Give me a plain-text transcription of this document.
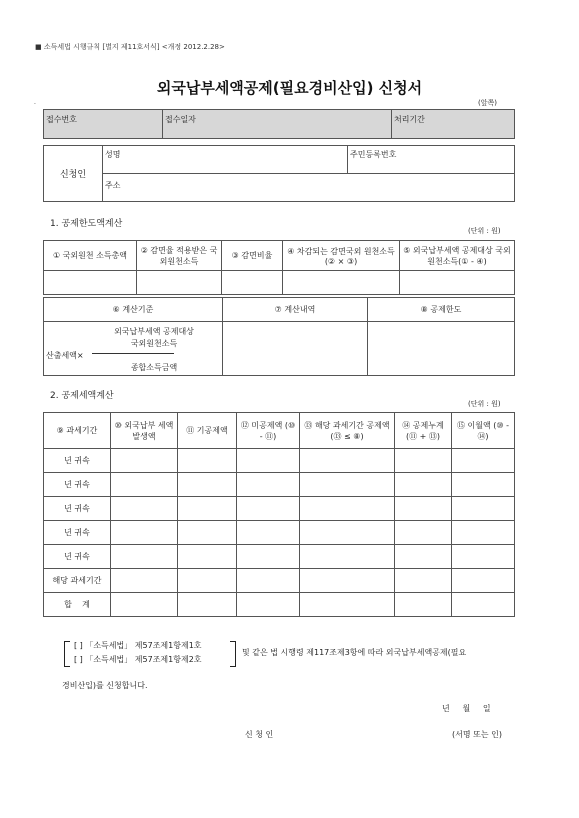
■ 소득세법 시행규칙 [별지 제11호서식] <개정 2012.2.28>
외국납부세액공제(필요경비산입) 신청서
.	(앞쪽)
접수번호	접수일자	처리기간
신청인	성명	주민등록번호
주소
1. 공제한도액계산
(단위 : 원)
① 국외원천 소득총액	② 감면율 적용받은 국외원천소득	③ 감면비율	④ 차감되는 감면국외 원천소득(② × ③)	⑤ 외국납부세액 공제대상 국외원천소득(① - ④)

⑥ 계산기준	⑦ 계산내역	⑧ 공제한도

외국납부세액 공제대상
국외원천소득
산출세액×
종합소득금액		

2. 공제세액계산
(단위 : 원)
⑨ 과세기간	⑩ 외국납부 세액발생액	⑪ 기공제액	⑫ 미공제액 (⑩ - ⑪)	⑬ 해당 과세기간 공제액(⑬ ≤ ⑧)	⑭ 공제누계 (⑪ + ⑬)	⑮ 이월액 (⑩ - ⑭)
년 귀속						
년 귀속						
년 귀속						
년 귀속						
년 귀속						
해당 과세기간						
합    계						
[ ] 「소득세법」 제57조제1항제1호
[ ] 「소득세법」 제57조제1항제2호
및 같은 법 시행령 제117조제3항에 따라 외국납부세액공제(필요
경비산입)를 신청합니다.
년     월     일
신 청 인	(서명 또는 인)
